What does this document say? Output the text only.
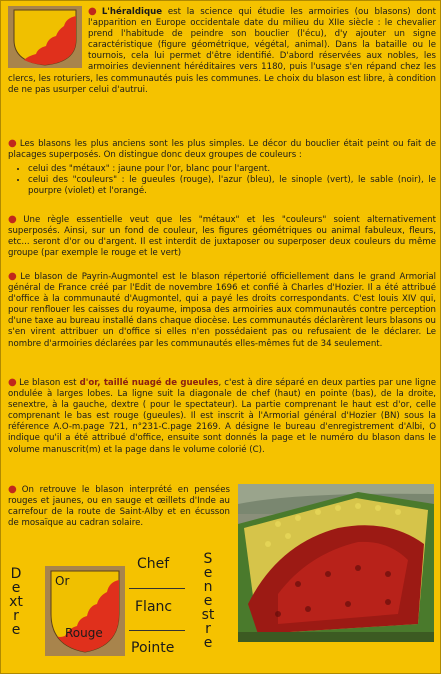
● L'héraldique est la science qui étudie les armoiries (ou blasons) dont l'apparition en Europe occidentale date du milieu du XIIe siècle : le chevalier prend l'habitude de peindre son bouclier (l'écu), d'y ajouter un signe caractéristique (figure géométrique, végétal, animal). Dans la bataille ou le tournois, cela lui permet d'être identifié. D'abord réservées aux nobles, les armoiries deviennent héréditaires vers 1180, puis l'usage s'en répand chez les clercs, les roturiers, les communautés puis les communes. Le choix du blason est libre, à condition de ne pas usurper celui d'autrui.

● Les blasons les plus anciens sont les plus simples. Le décor du bouclier était peint ou fait de placages superposés. On distingue donc deux groupes de couleurs :

• celui des "métaux" : jaune pour l'or, blanc pour l'argent.
• celui des "couleurs" : le gueules (rouge), l'azur (bleu), le sinople (vert), le sable (noir), le pourpre (violet) et l'orangé.

● Une règle essentielle veut que les "métaux" et les "couleurs" soient alternativement superposés. Ainsi, sur un fond de couleur, les figures géométriques ou animal fabuleux, fleurs, etc... seront d'or ou d'argent. Il est interdit de juxtaposer ou superposer deux couleurs du même groupe (par exemple le rouge et le vert)

● Le blason de Payrin-Augmontel est le blason répertorié officiellement dans le grand Armorial général de France créé par l'Edit de novembre 1696 et confié à Charles d'Hozier. Il a été attribué d'office à la communauté d'Augmontel, qui a payé les droits correspondants. C'est louis XIV qui, pour renflouer les caisses du royaume, imposa des armoiries aux communautés contre perception d'une taxe au bureau installé dans chaque diocèse. Les communautés déclarèrent leurs blasons ou s'en virent attribuer un d'office si elles n'en possédaient pas ou refusaient de le déclarer. Le nombre d'armoiries déclarées par les communautés elles-mêmes fut de 34 seulement.

● Le blason est d'or, taillé nuagé de gueules, c'est à dire séparé en deux parties par une ligne ondulée à larges lobes. La ligne suit la diagonale de chef (haut) en pointe (bas), de la droite, senextre, à la gauche, dextre ( pour le spectateur). La partie comprenant le haut est d'or, celle comprenant le bas est rouge (gueules). Il est inscrit à l'Armorial général d'Hozier (BN) sous la référence A.O-m.page 721, n°231-C.page 2169. A désigne le bureau d'enregistrement d'Albi, O indique qu'il a été attribué d'office, ensuite sont donnés la page et le numéro du blason dans le volume manuscrit(m) et la page dans le volume colorié (C).

● On retrouve le blason interprété en pensées rouges et jaunes, ou en sauge et œillets d'Inde au carrefour de la route de Saint-Alby et en écusson de mosaïque au cadran solaire.

Dextre
Senestre
Or
Rouge
Chef
Flanc
Pointe
